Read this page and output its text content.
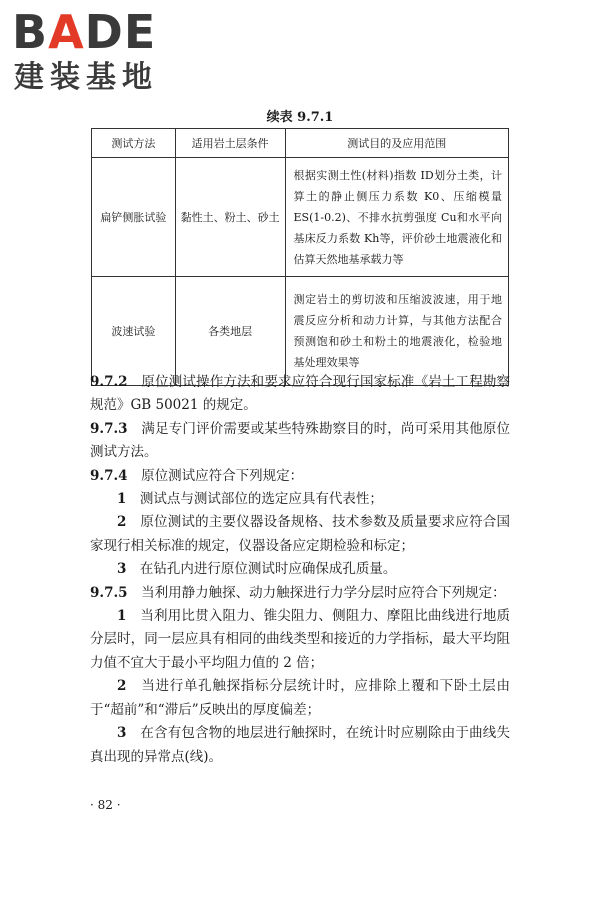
BADE
建装基地
续表 9.7.1
测试方法	适用岩土层条件	测试目的及应用范围
扁铲侧胀试验	黏性土、粉土、砂土	根据实测土性(材料)指数 ID划分土类，计算土的静止侧压力系数 K0、压缩模量 ES(1-0.2)、不排水抗剪强度 Cu和水平向基床反力系数 Kh等，评价砂土地震液化和估算天然地基承载力等
波速试验	各类地层	测定岩土的剪切波和压缩波波速，用于地震反应分析和动力计算，与其他方法配合预测饱和砂土和粉土的地震液化，检验地基处理效果等

9.7.2　 原位测试操作方法和要求应符合现行国家标准《岩土工程勘察规范》GB 50021 的规定。

9.7.3　 满足专门评价需要或某些特殊勘察目的时，尚可采用其他原位测试方法。

9.7.4　 原位测试应符合下列规定：

1　 测试点与测试部位的选定应具有代表性；

2　 原位测试的主要仪器设备规格、技术参数及质量要求应符合国家现行相关标准的规定，仪器设备应定期检验和标定；

3　 在钻孔内进行原位测试时应确保成孔质量。

9.7.5　 当利用静力触探、动力触探进行力学分层时应符合下列规定：

1　 当利用比贯入阻力、锥尖阻力、侧阻力、摩阻比曲线进行地质分层时，同一层应具有相同的曲线类型和接近的力学指标，最大平均阻力值不宜大于最小平均阻力值的 2 倍；

2　 当进行单孔触探指标分层统计时，应排除上覆和下卧土层由于“超前”和“滞后”反映出的厚度偏差；

3　 在含有包含物的地层进行触探时，在统计时应剔除由于曲线失真出现的异常点(线)。

· 82 ·
